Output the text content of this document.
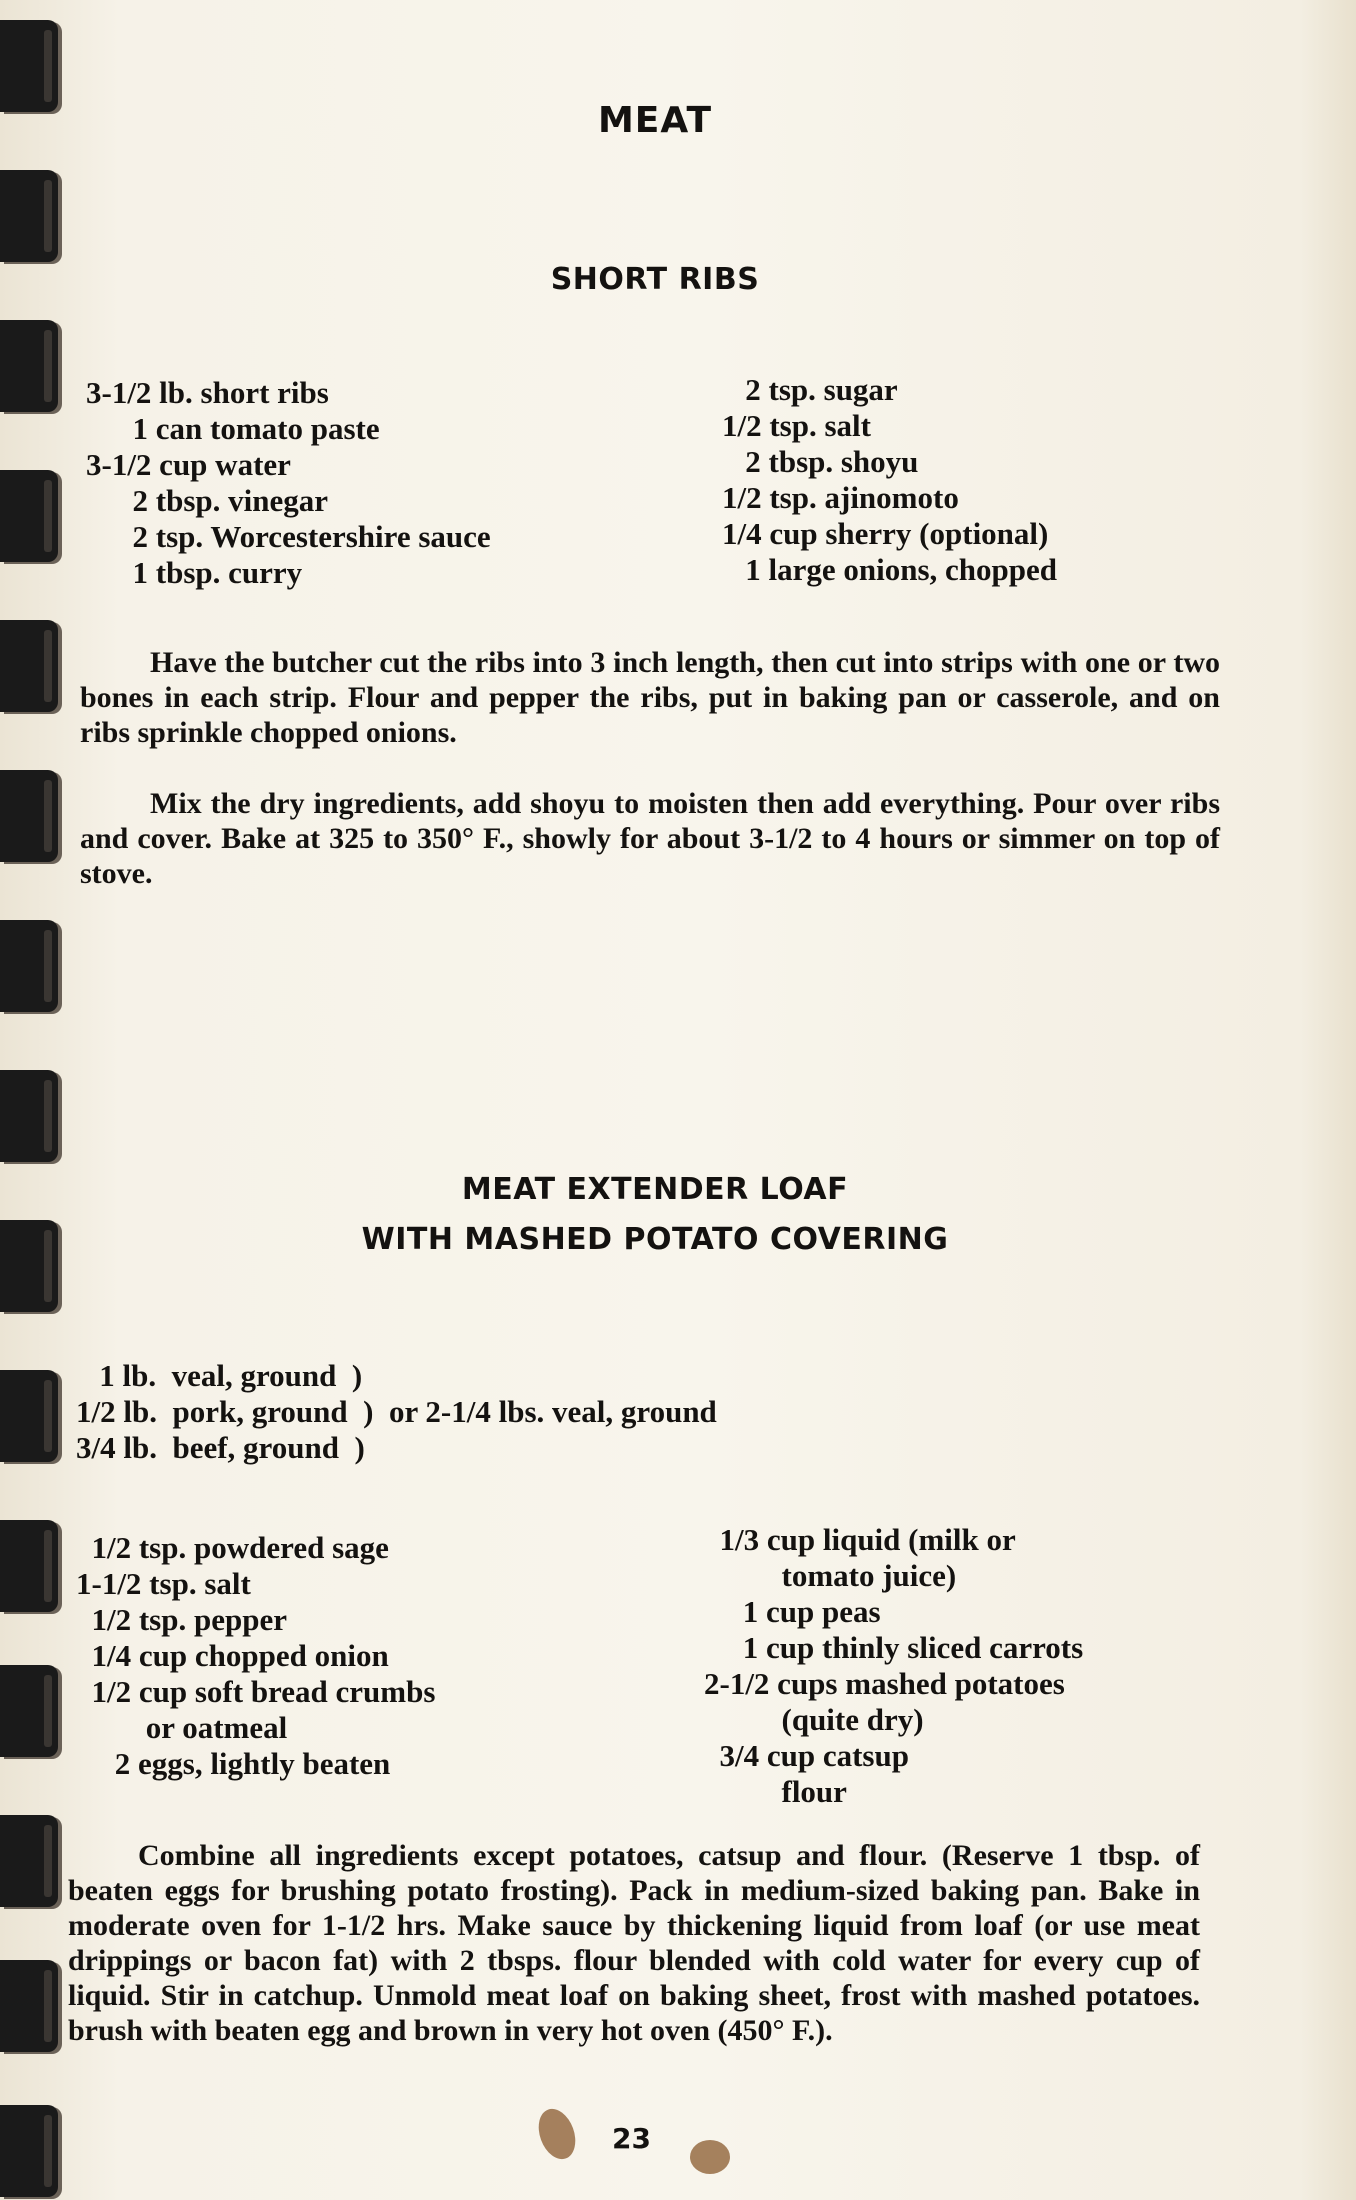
MEAT
SHORT RIBS
3-1/2 lb. short ribs
1 can tomato paste
3-1/2 cup water
2 tbsp. vinegar
2 tsp. Worcestershire sauce
1 tbsp. curry
2 tsp. sugar
1/2 tsp. salt
2 tbsp. shoyu
1/2 tsp. ajinomoto
1/4 cup sherry (optional)
1 large onions, chopped

Have the butcher cut the ribs into 3 inch length, then cut into strips with one or two bones in each strip. Flour and pepper the ribs, put in baking pan or casserole, and on ribs sprinkle chopped onions.

Mix the dry ingredients, add shoyu to moisten then add everything. Pour over ribs and cover. Bake at 325 to 350° F., showly for about 3-1/2 to 4 hours or simmer on top of stove.

MEAT EXTENDER LOAF
WITH MASHED POTATO COVERING
1 lb.  veal, ground  )
1/2 lb.  pork, ground  )  or 2-1/4 lbs. veal, ground
3/4 lb.  beef, ground  )
1/2 tsp. powdered sage
1-1/2 tsp. salt
1/2 tsp. pepper
1/4 cup chopped onion
1/2 cup soft bread crumbs
or oatmeal
2 eggs, lightly beaten
1/3 cup liquid (milk or
tomato juice)
1 cup peas
1 cup thinly sliced carrots
2-1/2 cups mashed potatoes
(quite dry)
3/4 cup catsup
flour

Combine all ingredients except potatoes, catsup and flour. (Reserve 1 tbsp. of beaten eggs for brushing potato frosting). Pack in medium-sized baking pan. Bake in moderate oven for 1-1/2 hrs. Make sauce by thickening liquid from loaf (or use meat drippings or bacon fat) with 2 tbsps. flour blended with cold water for every cup of liquid. Stir in catchup. Unmold meat loaf on baking sheet, frost with mashed potatoes. brush with beaten egg and brown in very hot oven (450° F.).

23
